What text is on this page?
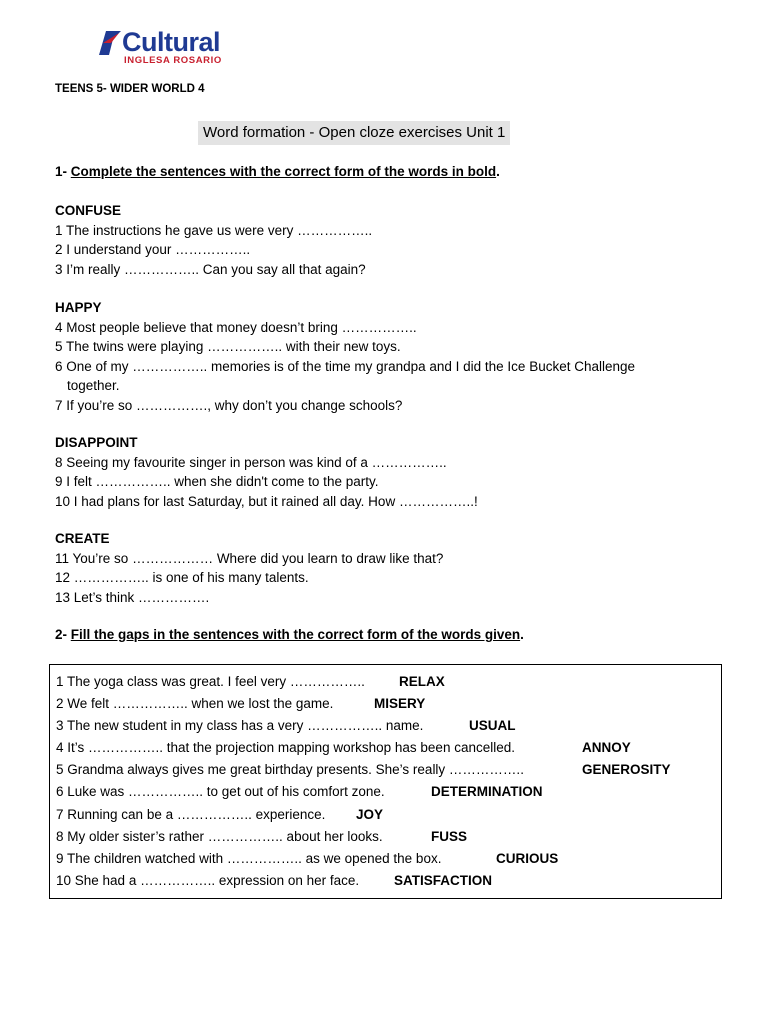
Cultural
INGLESA ROSARIO
TEENS 5- WIDER WORLD 4
Word formation - Open cloze exercises Unit 1
1- Complete the sentences with the correct form of the words in bold.
CONFUSE
1 The instructions he gave us were very ……………..
2 I understand your ……………..
3 I’m really …………….. Can you say all that again?
HAPPY
4 Most people believe that money doesn’t bring ……………..
5 The twins were playing …………….. with their new toys.
6 One of my …………….. memories is of the time my grandpa and I did the Ice Bucket Challenge
together.
7 If you’re so ……………., why don’t you change schools?
DISAPPOINT
8 Seeing my favourite singer in person was kind of a ……………..
9 I felt …………….. when she didn't come to the party.
10 I had plans for last Saturday, but it rained all day. How ……………..!
CREATE
11 You’re so ……………… Where did you learn to draw like that?
12 …………….. is one of his many talents.
13 Let’s think …………….
2- Fill the gaps in the sentences with the correct form of the words given.
1 The yoga class was great. I feel very ……………..	RELAX
2 We felt …………….. when we lost the game.	MISERY
3 The new student in my class has a very …………….. name.	USUAL
4 It’s …………….. that the projection mapping workshop has been cancelled.	ANNOY
5 Grandma always gives me great birthday presents. She’s really ……………..	GENEROSITY
6 Luke was …………….. to get out of his comfort zone.	DETERMINATION
7 Running can be a …………….. experience. JOY
8 My older sister’s rather …………….. about her looks.	FUSS
9 The children watched with …………….. as we opened the box.	CURIOUS
10 She had a …………….. expression on her face.	SATISFACTION
